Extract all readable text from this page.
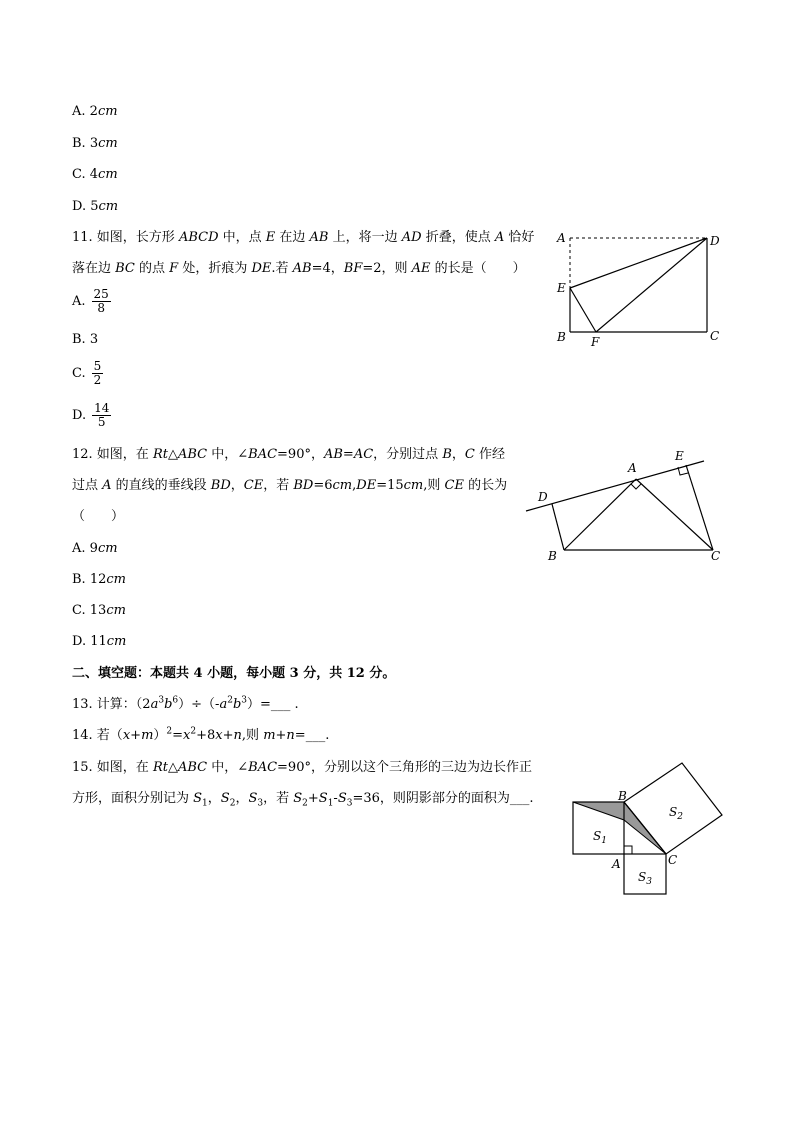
A. 2cm
B. 3cm
C. 4cm
D. 5cm
11. 如图，长方形 ABCD 中，点 E 在边 AB 上，将一边 AD 折叠，使点 A 恰好
落在边 BC 的点 F 处，折痕为 DE.若 AB=4，BF=2，则 AE 的长是（　　）
A. $\frac{25}{8}$
B. 3
C. $\frac{5}{2}$
D. $\frac{14}{5}$
A	D
E
B F	C
12. 如图，在 Rt△ABC 中，∠BAC=90°，AB=AC，分别过点 B，C 作经
过点 A 的直线的垂线段 BD，CE，若 BD=6cm,DE=15cm,则 CE 的长为
（　　）
A. 9cm
B. 12cm
C. 13cm
D. 11cm
A
E
D
B	C
二、填空题：本题共 4 小题，每小题 3 分，共 12 分。
13. 计算：$(2a^3b^6)\div(-a^2b^3)=\_\_\_$ .
14. 若$(x+m)^2=x^2+8x+n$,则 m+n=___.
15. 如图，在 Rt△ABC 中，∠BAC=90°，分别以这个三角形的三边为边长作正
方形，面积分别记为 $S_1$，$S_2$，$S_3$，若 $S_2+S_1-S_3=36$，则阴影部分的面积为___.	B
$S_2$
$S_1$
A	C
$S_3$
